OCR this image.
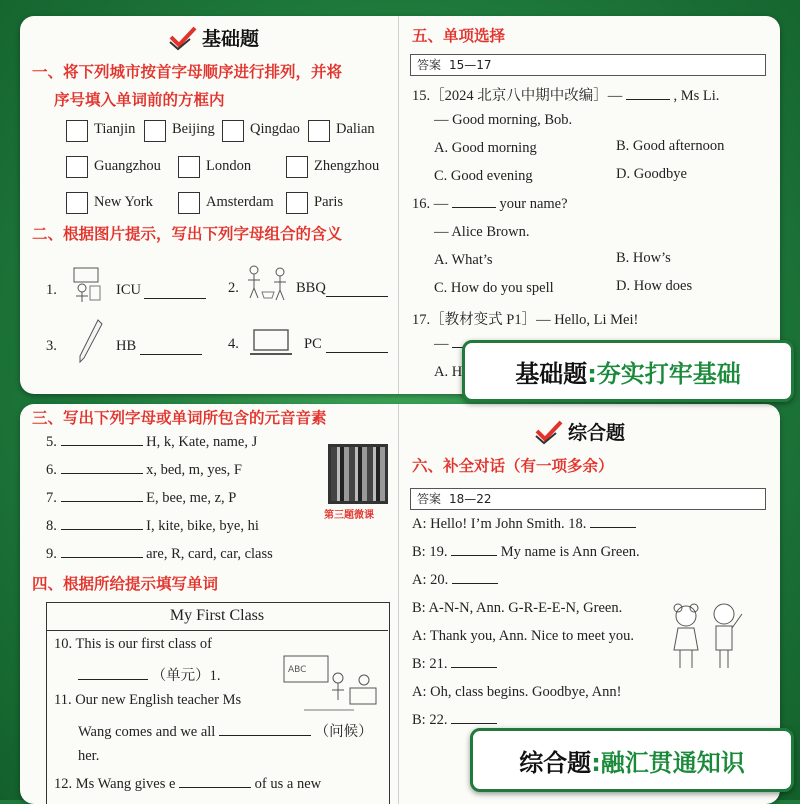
基础题
一、将下列城市按首字母顺序进行排列，并将
序号填入单词前的方框内
Tianjin	Beijing Qingdao Dalian
Guangzhou	London	Zhengzhou
New York	Amsterdam	Paris
二、根据图片提示，写出下列字母组合的含义
1.	ICU	2.	BBQ
3.	HB	4.	PC
五、单项选择
答案 15—17
15.［2024 北京八中期中改编］—	, Ms Li.
— Good morning, Bob.
A. Good morning	B. Good afternoon
C. Good evening	D. Goodbye
16. —	your name?
— Alice Brown.
A. What’s	B. How’s
C. How do you spell	D. How does
17.［教材变式 P1］— Hello, Li Mei!
—
A. H
三、写出下列字母或单词所包含的元音音素
5.	H, k, Kate, name, J
6.	x, bed, m, yes, F
7.	E, bee, me, z, P
8.	I, kite, bike, bye, hi
9.	are, R, card, car, class
第三题微课
四、根据所给提示填写单词
My First Class
10. This is our first class of
（单元）1.	ABC
11. Our new English teacher Ms
Wang comes and we all	（问候）
her.
12. Ms Wang gives e	of us a new
综合题
六、补全对话（有一项多余）
答案 18—22
A: Hello! I’m John Smith. 18.
B: 19.	My name is Ann Green.
A: 20.
B: A-N-N, Ann. G-R-E-E-N, Green.
A: Thank you, Ann. Nice to meet you.
B: 21.
A: Oh, class begins. Goodbye, Ann!
B: 22.
基础题 :夯实打牢基础
综合题 :融汇贯通知识
